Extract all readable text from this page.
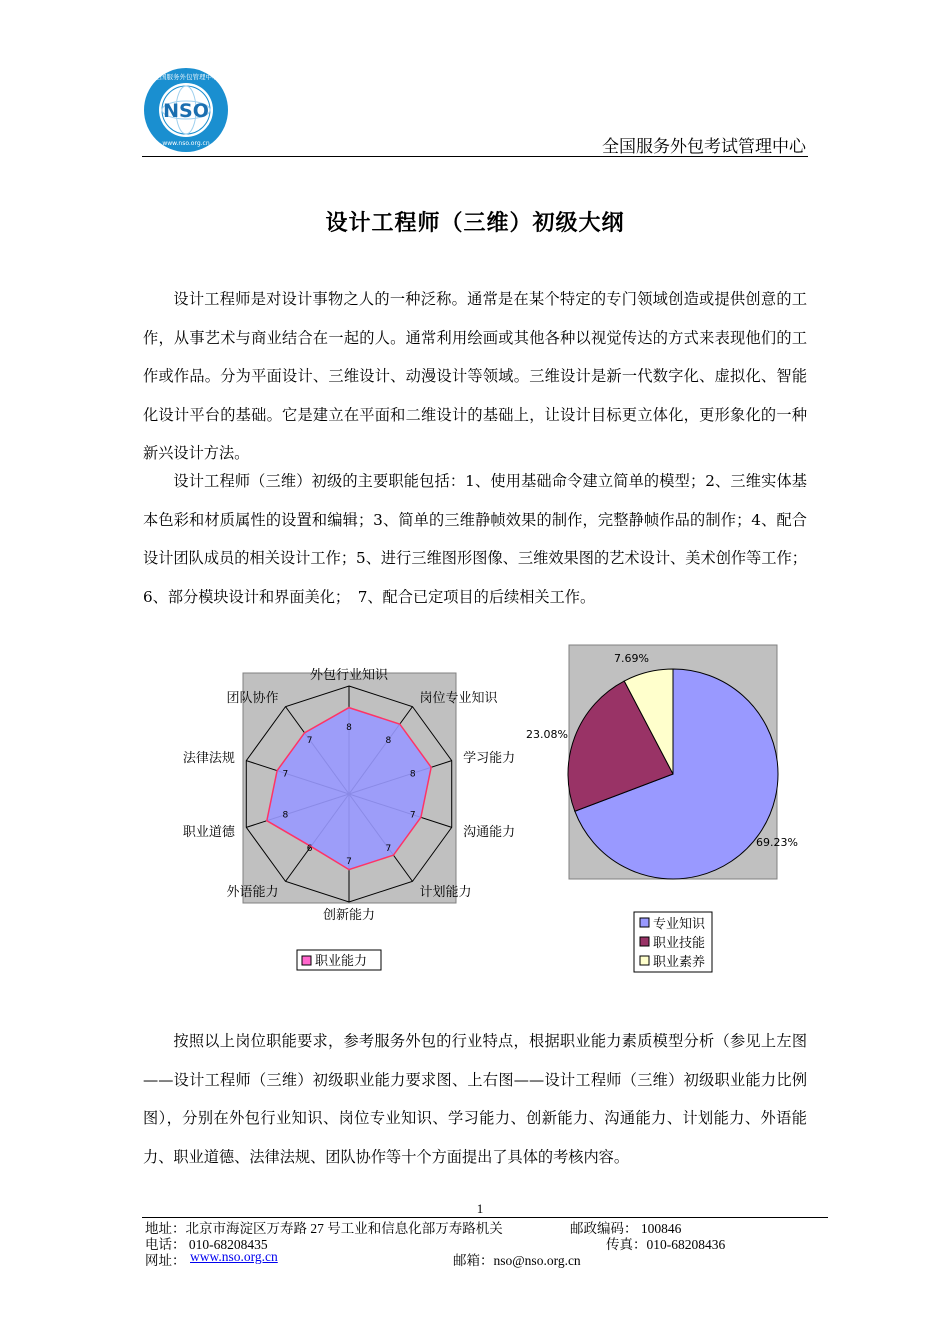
NSO
www.nso.org.cn
全国服务外包管理中心
全国服务外包考试管理中心
设计工程师（三维）初级大纲

设计工程师是对设计事物之人的一种泛称。通常是在某个特定的专门领域创造或提供创意的工作，从事艺术与商业结合在一起的人。通常利用绘画或其他各种以视觉传达的方式来表现他们的工作或作品。分为平面设计、三维设计、动漫设计等领域。三维设计是新一代数字化、虚拟化、智能化设计平台的基础。它是建立在平面和二维设计的基础上，让设计目标更立体化，更形象化的一种新兴设计方法。

设计工程师（三维）初级的主要职能包括：1、使用基础命令建立简单的模型；2、三维实体基本色彩和材质属性的设置和编辑；3、简单的三维静帧效果的制作，完整静帧作品的制作；4、配合设计团队成员的相关设计工作；5、进行三维图形图像、三维效果图的艺术设计、美术创作等工作；6、部分模块设计和界面美化；　7、配合已定项目的后续相关工作。

外包行业知识
岗位专业知识
学习能力
沟通能力
计划能力
创新能力
外语能力
职业道德
法律法规
团队协作
8
8
8
7
7
7
6
8
7
7
职业能力
7.69%
23.08%
69.23%
专业知识
职业技能
职业素养

按照以上岗位职能要求，参考服务外包的行业特点，根据职业能力素质模型分析（参见上左图——设计工程师（三维）初级职业能力要求图、上右图——设计工程师（三维）初级职业能力比例图），分别在外包行业知识、岗位专业知识、学习能力、创新能力、沟通能力、计划能力、外语能力、职业道德、法律法规、团队协作等十个方面提出了具体的考核内容。

1
地址：北京市海淀区万寿路 27 号工业和信息化部万寿路机关	邮政编码： 100846
电话： 010-68208435	传真：010-68208436
网址： www.nso.org.cn	邮箱：nso@nso.org.cn
